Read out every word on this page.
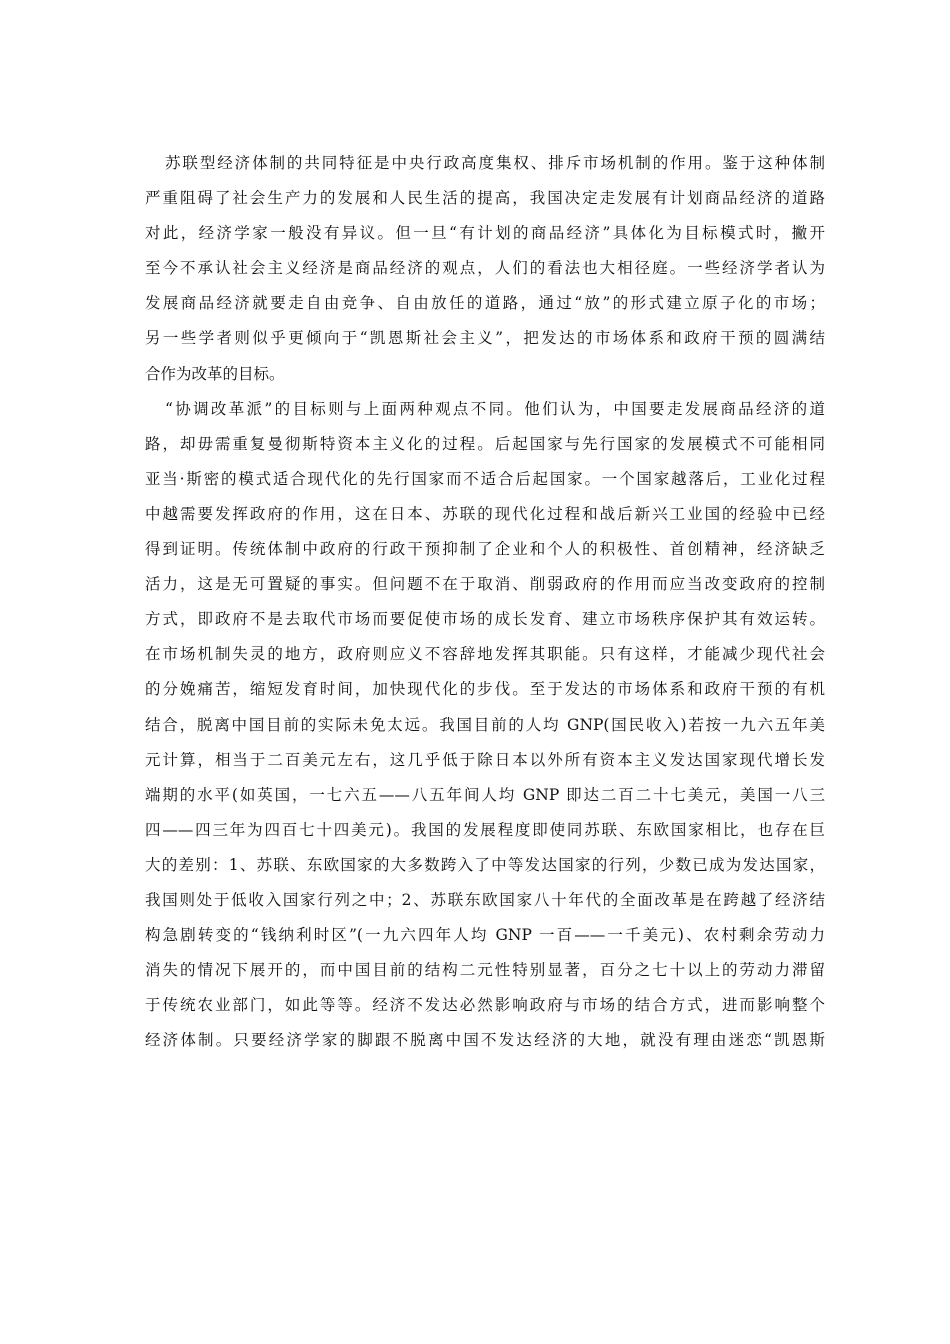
苏联型经济体制的共同特征是中央行政高度集权、排斥市场机制的作用。鉴于这种体制
严重阻碍了社会生产力的发展和人民生活的提高，我国决定走发展有计划商品经济的道路
对此，经济学家一般没有异议。但一旦“有计划的商品经济”具体化为目标模式时，撇开
至今不承认社会主义经济是商品经济的观点，人们的看法也大相径庭。一些经济学者认为
发展商品经济就要走自由竞争、自由放任的道路，通过“放”的形式建立原子化的市场；
另一些学者则似乎更倾向于“凯恩斯社会主义”，把发达的市场体系和政府干预的圆满结
合作为改革的目标。
“协调改革派”的目标则与上面两种观点不同。他们认为，中国要走发展商品经济的道
路，却毋需重复曼彻斯特资本主义化的过程。后起国家与先行国家的发展模式不可能相同
亚当·斯密的模式适合现代化的先行国家而不适合后起国家。一个国家越落后，工业化过程
中越需要发挥政府的作用，这在日本、苏联的现代化过程和战后新兴工业国的经验中已经
得到证明。传统体制中政府的行政干预抑制了企业和个人的积极性、首创精神，经济缺乏
活力，这是无可置疑的事实。但问题不在于取消、削弱政府的作用而应当改变政府的控制
方式，即政府不是去取代市场而要促使市场的成长发育、建立市场秩序保护其有效运转。
在市场机制失灵的地方，政府则应义不容辞地发挥其职能。只有这样，才能减少现代社会
的分娩痛苦，缩短发育时间，加快现代化的步伐。至于发达的市场体系和政府干预的有机
结合，脱离中国目前的实际未免太远。我国目前的人均 GNP(国民收入)若按一九六五年美
元计算，相当于二百美元左右，这几乎低于除日本以外所有资本主义发达国家现代增长发
端期的水平(如英国，一七六五——八五年间人均 GNP 即达二百二十七美元，美国一八三
四——四三年为四百七十四美元)。我国的发展程度即使同苏联、东欧国家相比，也存在巨
大的差别：1、苏联、东欧国家的大多数跨入了中等发达国家的行列，少数已成为发达国家，
我国则处于低收入国家行列之中；2、苏联东欧国家八十年代的全面改革是在跨越了经济结
构急剧转变的“钱纳利时区”(一九六四年人均 GNP 一百——一千美元)、农村剩余劳动力
消失的情况下展开的，而中国目前的结构二元性特别显著，百分之七十以上的劳动力滞留
于传统农业部门，如此等等。经济不发达必然影响政府与市场的结合方式，进而影响整个
经济体制。只要经济学家的脚跟不脱离中国不发达经济的大地，就没有理由迷恋“凯恩斯
